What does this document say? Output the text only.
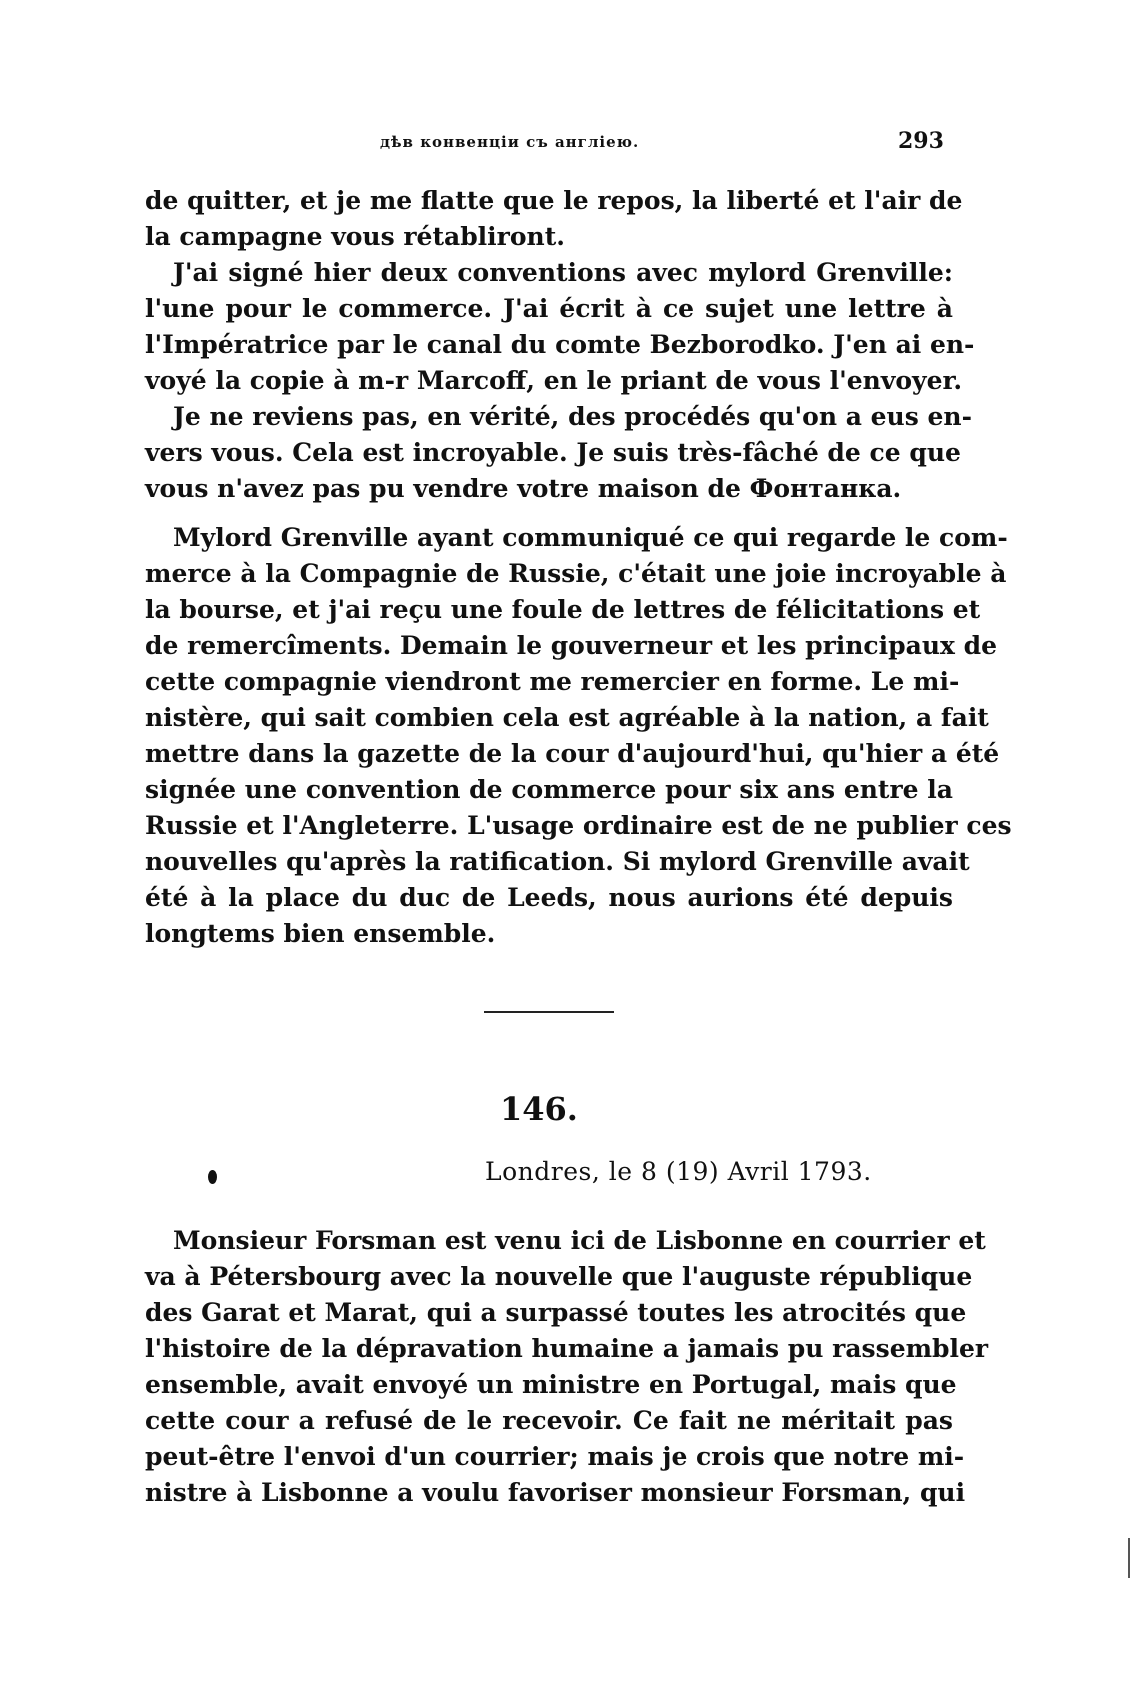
дѣв конвенціи съ англіею.	293
de quitter, et je me flatte que le repos, la liberté et l'air de
la campagne vous rétabliront.
J'ai signé hier deux conventions avec mylord Grenville:
l'une pour le commerce. J'ai écrit à ce sujet une lettre à
l'Impératrice par le canal du comte Bezborodko. J'en ai en-
voyé la copie à m-r Marcoff, en le priant de vous l'envoyer.
Je ne reviens pas, en vérité, des procédés qu'on a eus en-
vers vous. Cela est incroyable. Je suis très-fâché de ce que
vous n'avez pas pu vendre votre maison de Фонтанка.
Mylord Grenville ayant communiqué ce qui regarde le com-
merce à la Compagnie de Russie, c'était une joie incroyable à
la bourse, et j'ai reçu une foule de lettres de félicitations et
de remercîments. Demain le gouverneur et les principaux de
cette compagnie viendront me remercier en forme. Le mi-
nistère, qui sait combien cela est agréable à la nation, a fait
mettre dans la gazette de la cour d'aujourd'hui, qu'hier a été
signée une convention de commerce pour six ans entre la
Russie et l'Angleterre. L'usage ordinaire est de ne publier ces
nouvelles qu'après la ratification. Si mylord Grenville avait
été à la place du duc de Leeds, nous aurions été depuis
longtems bien ensemble.
146.
Londres, le 8 (19) Avril 1793.
Monsieur Forsman est venu ici de Lisbonne en courrier et
va à Pétersbourg avec la nouvelle que l'auguste république
des Garat et Marat, qui a surpassé toutes les atrocités que
l'histoire de la dépravation humaine a jamais pu rassembler
ensemble, avait envoyé un ministre en Portugal, mais que
cette cour a refusé de le recevoir. Ce fait ne méritait pas
peut-être l'envoi d'un courrier; mais je crois que notre mi-
nistre à Lisbonne a voulu favoriser monsieur Forsman, qui
